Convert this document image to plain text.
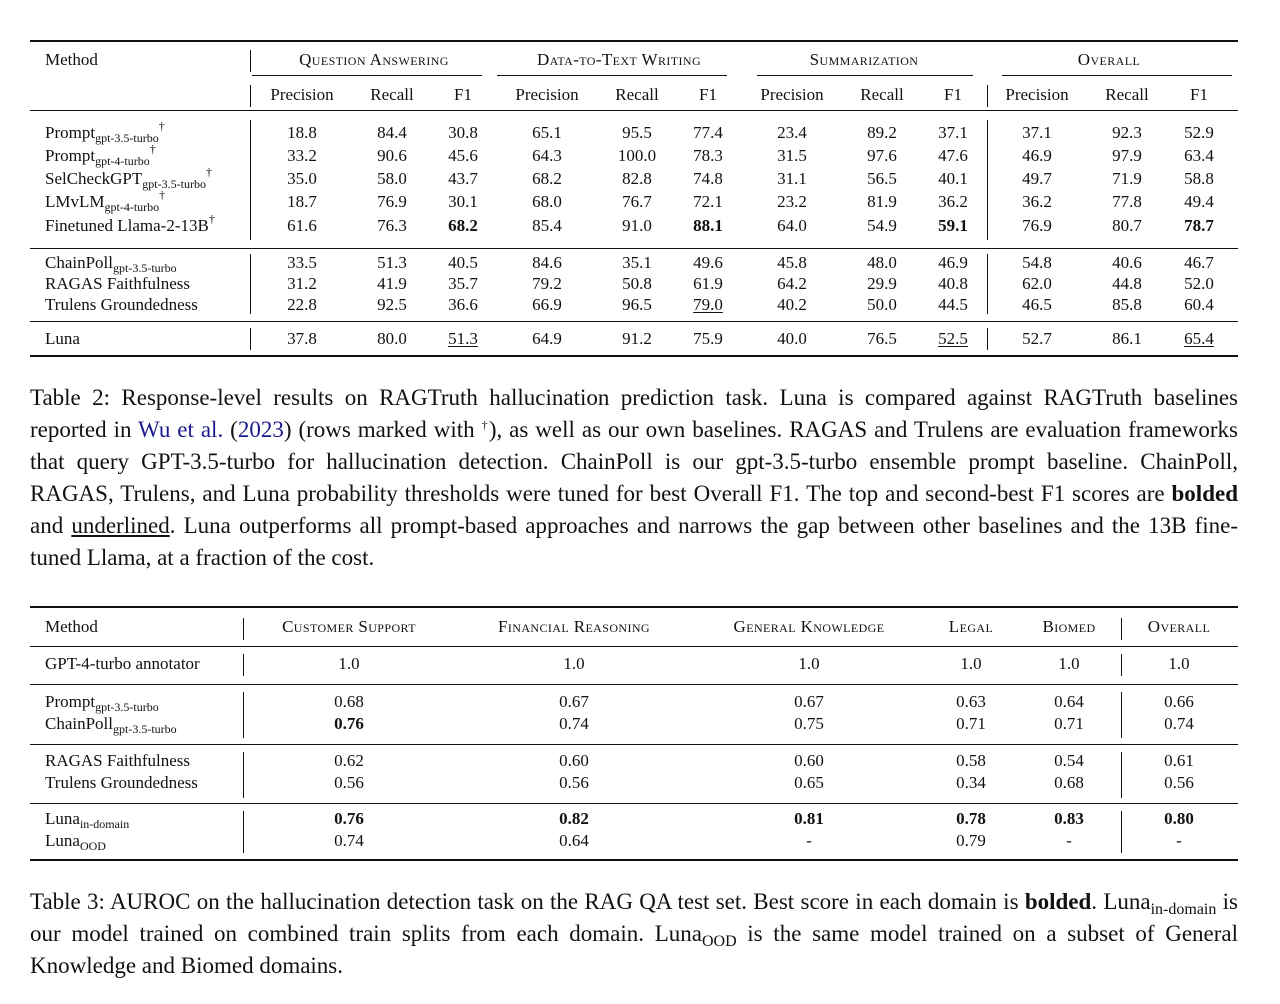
Method	Question Answering	Data-to-Text Writing	Summarization	Overall
Precision Recall F1	Precision Recall F1	Precision Recall F1	Precision Recall F1
Prompt$_{gpt-3.5-turbo}$†	18.8	84.4 30.8	65.1	95.5 77.4	23.4	89.2 37.1	37.1	92.3 52.9
Prompt$_{gpt-4-turbo}$†	33.2	90.6 45.6	64.3	100.0 78.3	31.5	97.6 47.6	46.9	97.9 63.4
SelCheckGPT$_{gpt-3.5-turbo}$†	35.0	58.0 43.7	68.2	82.8 74.8	31.1	56.5 40.1	49.7	71.9 58.8
LMvLM$_{gpt-4-turbo}$†	18.7	76.9 30.1	68.0	76.7 72.1	23.2	81.9 36.2	36.2	77.8 49.4
Finetuned Llama-2-13B†	61.6	76.3 68.2	85.4	91.0 88.1	64.0	54.9 59.1	76.9	80.7 78.7
ChainPoll$_{gpt-3.5-turbo}$	33.5	51.3 40.5	84.6	35.1 49.6	45.8	48.0 46.9	54.8	40.6 46.7
RAGAS Faithfulness	31.2	41.9 35.7	79.2	50.8 61.9	64.2	29.9 40.8	62.0	44.8 52.0
Trulens Groundedness	22.8	92.5 36.6	66.9	96.5 79.0	40.2	50.0 44.5	46.5	85.8 60.4
Luna	37.8	80.0 51.3	64.9	91.2 75.9	40.0	76.5 52.5	52.7	86.1 65.4
Table 2: Response-level results on RAGTruth hallucination prediction task. Luna is compared against RAGTruth baselines reported in Wu et al. (2023) (rows marked with †), as well as our own baselines. RAGAS and Trulens are evaluation frameworks that query GPT-3.5-turbo for hallucination detection. ChainPoll is our gpt-3.5-turbo ensemble prompt baseline. ChainPoll, RAGAS, Trulens, and Luna probability thresholds were tuned for best Overall F1. The top and second-best F1 scores are bolded and underlined. Luna outperforms all prompt-based approaches and narrows the gap between other baselines and the 13B fine-tuned Llama, at a fraction of the cost.
Method	Customer Support	Financial Reasoning	General Knowledge	Legal	Biomed	Overall
GPT-4-turbo annotator	1.0	1.0	1.0	1.0	1.0	1.0
Prompt$_{gpt-3.5-turbo}$	0.68	0.67	0.67	0.63	0.64	0.66
ChainPoll$_{gpt-3.5-turbo}$	0.76	0.74	0.75	0.71	0.71	0.74
RAGAS Faithfulness	0.62	0.60	0.60	0.58	0.54	0.61
Trulens Groundedness	0.56	0.56	0.65	0.34	0.68	0.56
Luna$_{in-domain}$	0.76	0.82	0.81	0.78	0.83	0.80
Luna$_{OOD}$	0.74	0.64	-	0.79	-	-
Table 3: AUROC on the hallucination detection task on the RAG QA test set. Best score in each domain is bolded. Luna$_{in-domain}$ is our model trained on combined train splits from each domain. Luna$_{OOD}$ is the same model trained on a subset of General Knowledge and Biomed domains.
